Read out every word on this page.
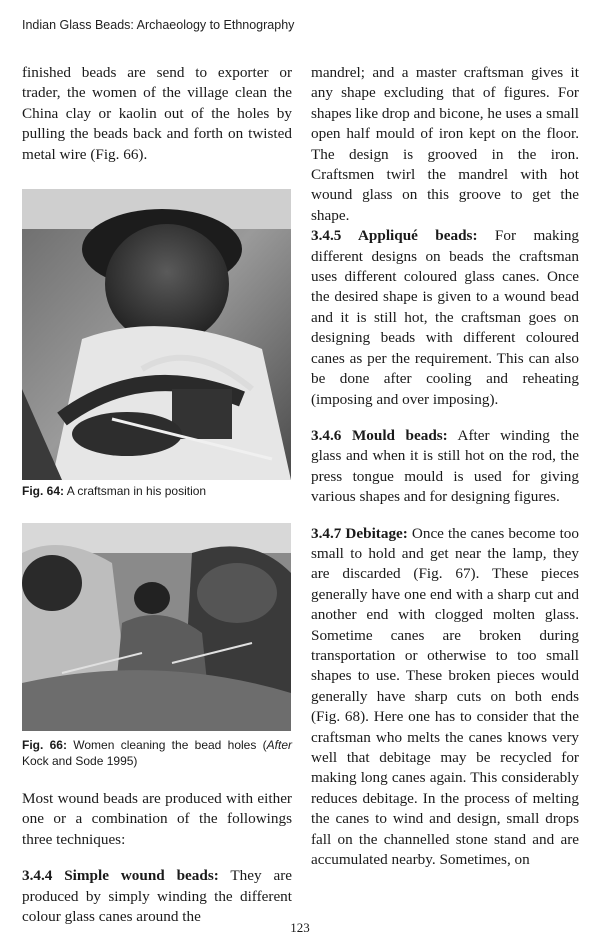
Indian Glass Beads: Archaeology to Ethnography

finished beads are send to exporter or trader, the women of the village clean the China clay or kaolin out of the holes by pulling the beads back and forth on twisted metal wire (Fig. 66).

Fig. 64: A craftsman in his position
Fig. 66: Women cleaning the bead holes (After Kock and Sode 1995)

Most wound beads are produced with either one or a combination of the followings three techniques:

3.4.4 Simple wound beads: They are produced by simply winding the different colour glass canes around the

mandrel; and a master craftsman gives it any shape excluding that of figures. For shapes like drop and bicone, he uses a small open half mould of iron kept on the floor. The design is grooved in the iron. Craftsmen twirl the mandrel with hot wound glass on this groove to get the shape.

3.4.5 Appliqué beads: For making different designs on beads the craftsman uses different coloured glass canes. Once the desired shape is given to a wound bead and it is still hot, the craftsman goes on designing beads with different coloured canes as per the requirement. This can also be done after cooling and reheating (imposing and over imposing).

3.4.6 Mould beads: After winding the glass and when it is still hot on the rod, the press tongue mould is used for giving various shapes and for designing figures.

3.4.7 Debitage: Once the canes become too small to hold and get near the lamp, they are discarded (Fig. 67). These pieces generally have one end with a sharp cut and another end with clogged molten glass. Sometime canes are broken during transportation or otherwise to too small shapes to use. These broken pieces would generally have sharp cuts on both ends (Fig. 68). Here one has to consider that the craftsman who melts the canes knows very well that debitage may be recycled for making long canes again. This considerably reduces debitage. In the process of melting the canes to wind and design, small drops fall on the channelled stone stand and are accumulated nearby. Sometimes, on

123
